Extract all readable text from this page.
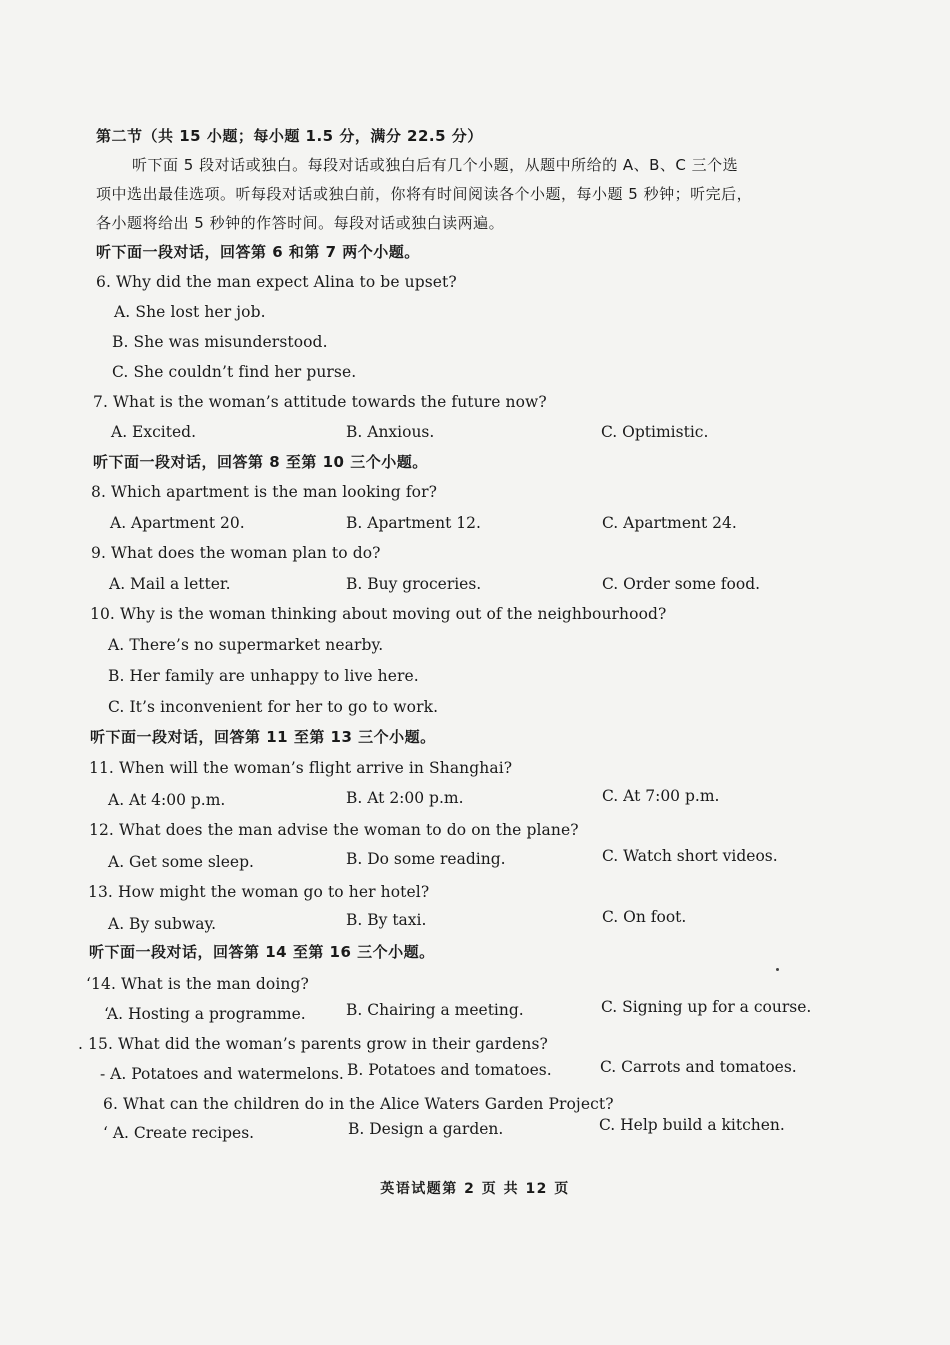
第二节（共 15 小题；每小题 1.5 分，满分 22.5 分）
听下面 5 段对话或独白。每段对话或独白后有几个小题，从题中所给的 A、B、C 三个选
项中选出最佳选项。听每段对话或独白前，你将有时间阅读各个小题，每小题 5 秒钟；听完后，
各小题将给出 5 秒钟的作答时间。每段对话或独白读两遍。
听下面一段对话，回答第 6 和第 7 两个小题。
6. Why did the man expect Alina to be upset?
A. She lost her job.
B. She was misunderstood.
C. She couldn’t find her purse.
7. What is the woman’s attitude towards the future now?
A. Excited.	B. Anxious.	C. Optimistic.
听下面一段对话，回答第 8 至第 10 三个小题。
8. Which apartment is the man looking for?
A. Apartment 20.	B. Apartment 12.	C. Apartment 24.
9. What does the woman plan to do?
A. Mail a letter.	B. Buy groceries.	C. Order some food.
10. Why is the woman thinking about moving out of the neighbourhood?
A. There’s no supermarket nearby.
B. Her family are unhappy to live here.
C. It’s inconvenient for her to go to work.
听下面一段对话，回答第 11 至第 13 三个小题。
11. When will the woman’s flight arrive in Shanghai?
A. At 4:00 p.m.	B. At 2:00 p.m.	C. At 7:00 p.m.
12. What does the man advise the woman to do on the plane?
A. Get some sleep.	B. Do some reading.	C. Watch short videos.
13. How might the woman go to her hotel?
A. By subway.	B. By taxi.	C. On foot.
听下面一段对话，回答第 14 至第 16 三个小题。
‘14. What is the man doing?
‘A. Hosting a programme.	B. Chairing a meeting.	C. Signing up for a course.
. 15. What did the woman’s parents grow in their gardens?
- A. Potatoes and watermelons. B. Potatoes and tomatoes.	C. Carrots and tomatoes.
6. What can the children do in the Alice Waters Garden Project?
‘ A. Create recipes.	B. Design a garden.	C. Help build a kitchen.
英语试题第 2 页 共 12 页
